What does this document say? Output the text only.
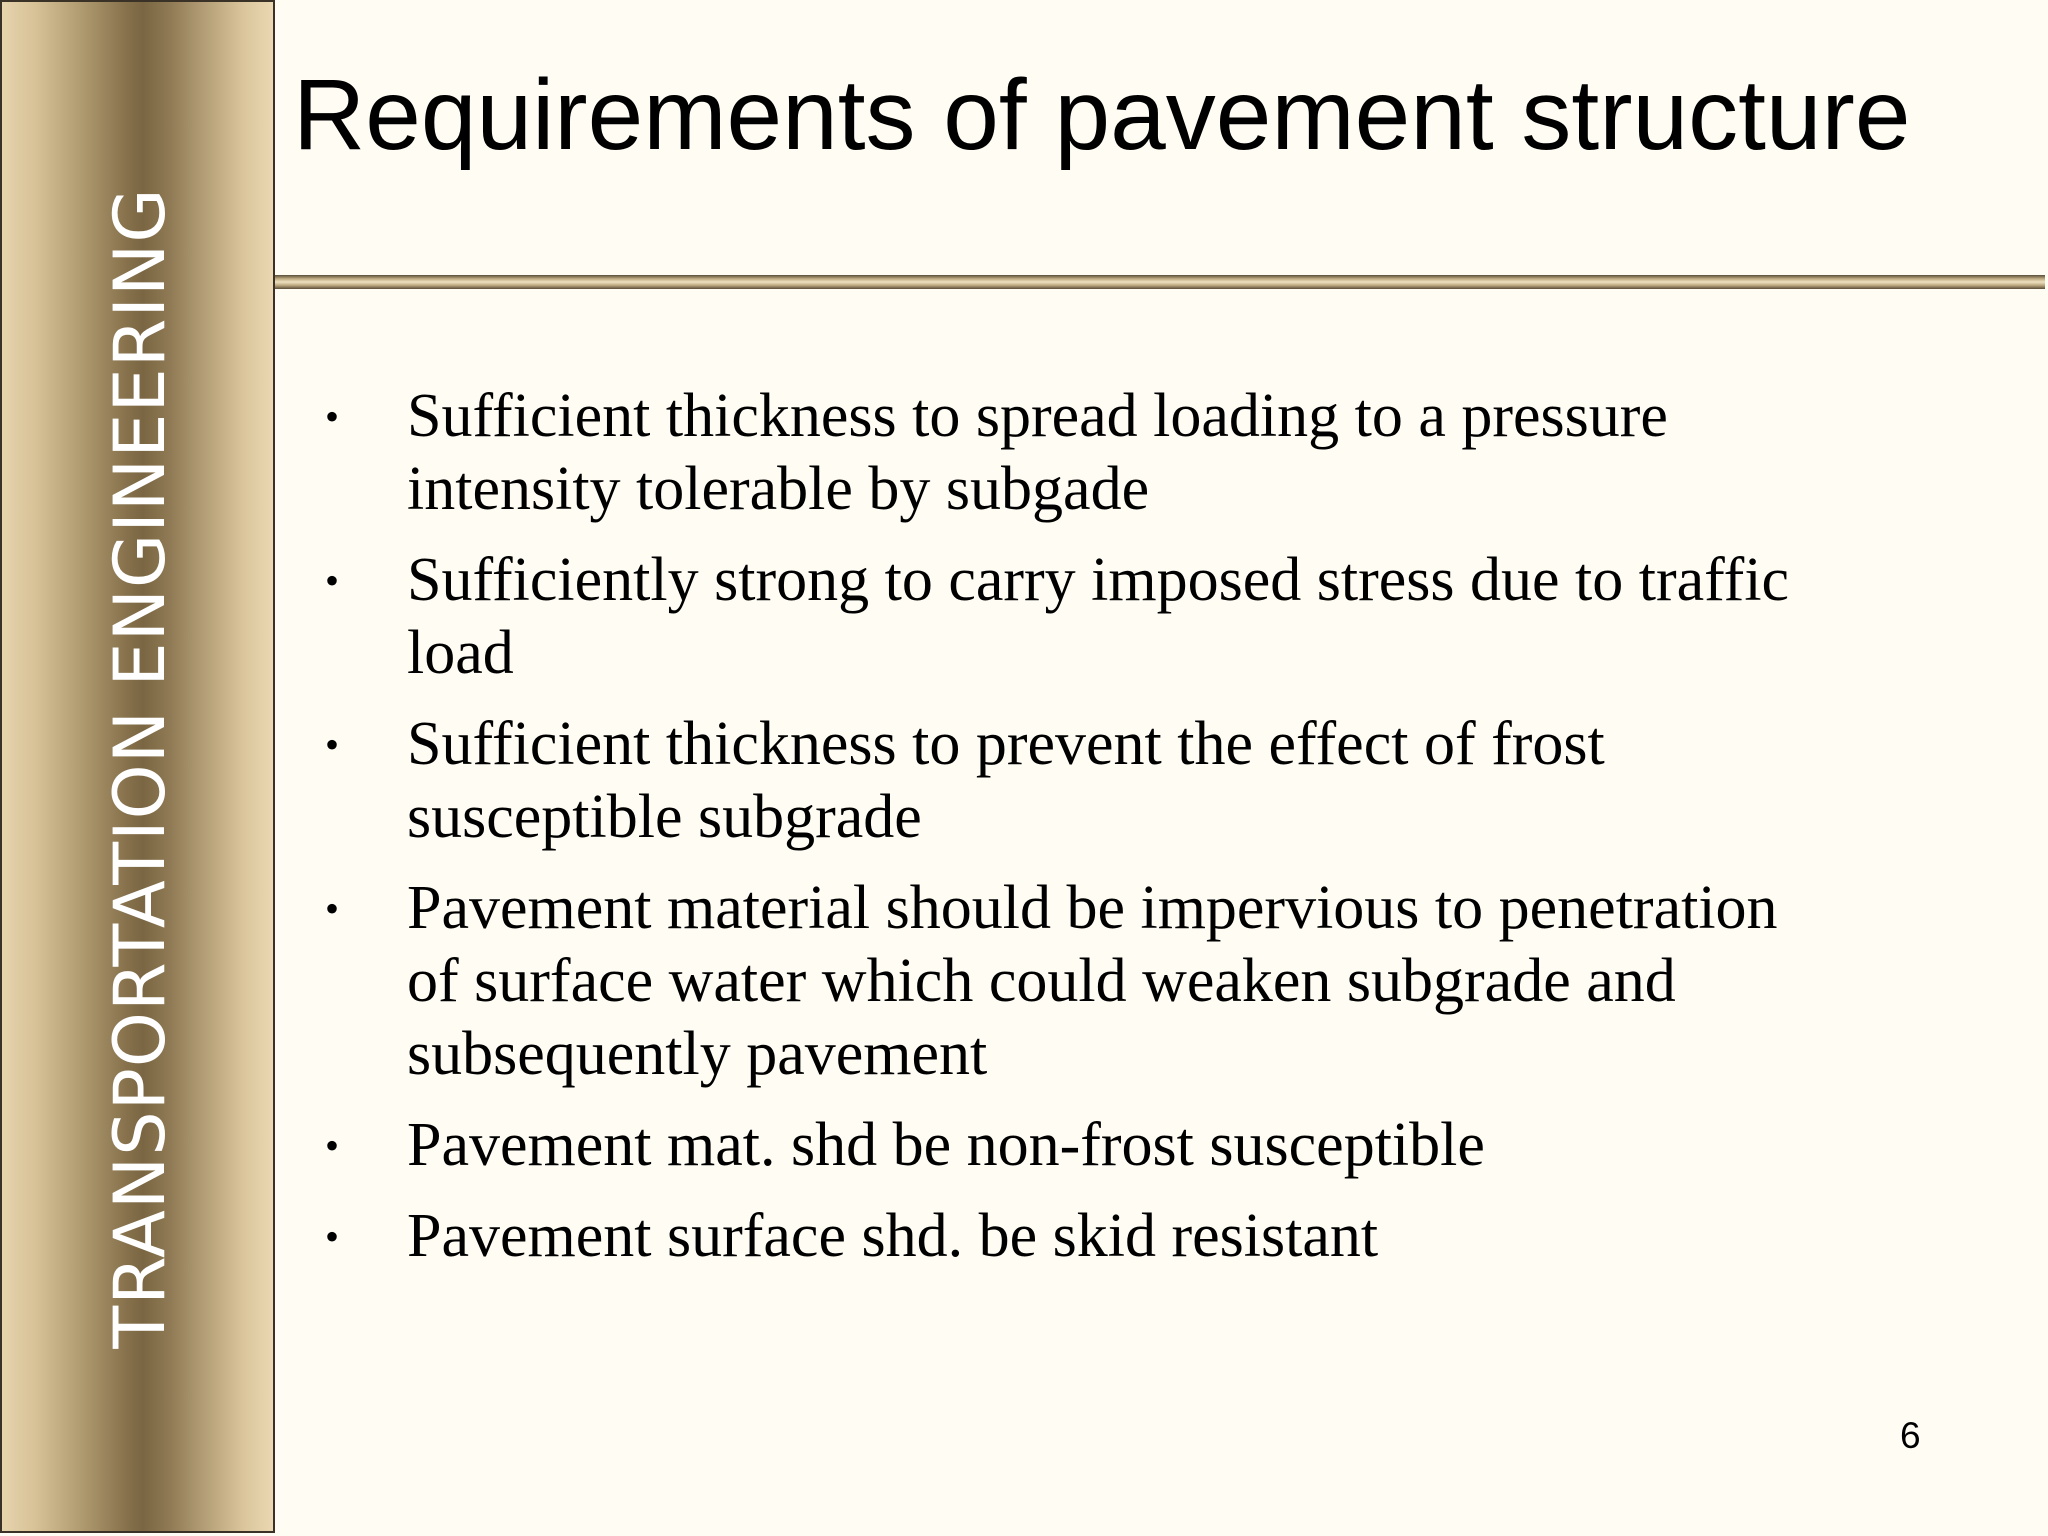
TRANSPORTATION ENGINEERING
Requirements of pavement structure
• Sufficient thickness to spread loading to a pressure intensity tolerable by subgade
• Sufficiently strong to carry imposed stress due to traffic load
• Sufficient thickness to prevent the effect of frost susceptible subgrade
• Pavement material should be impervious to penetration of surface water which could weaken subgrade and subsequently pavement
• Pavement mat. shd be non-frost susceptible
• Pavement surface shd. be skid resistant
6
